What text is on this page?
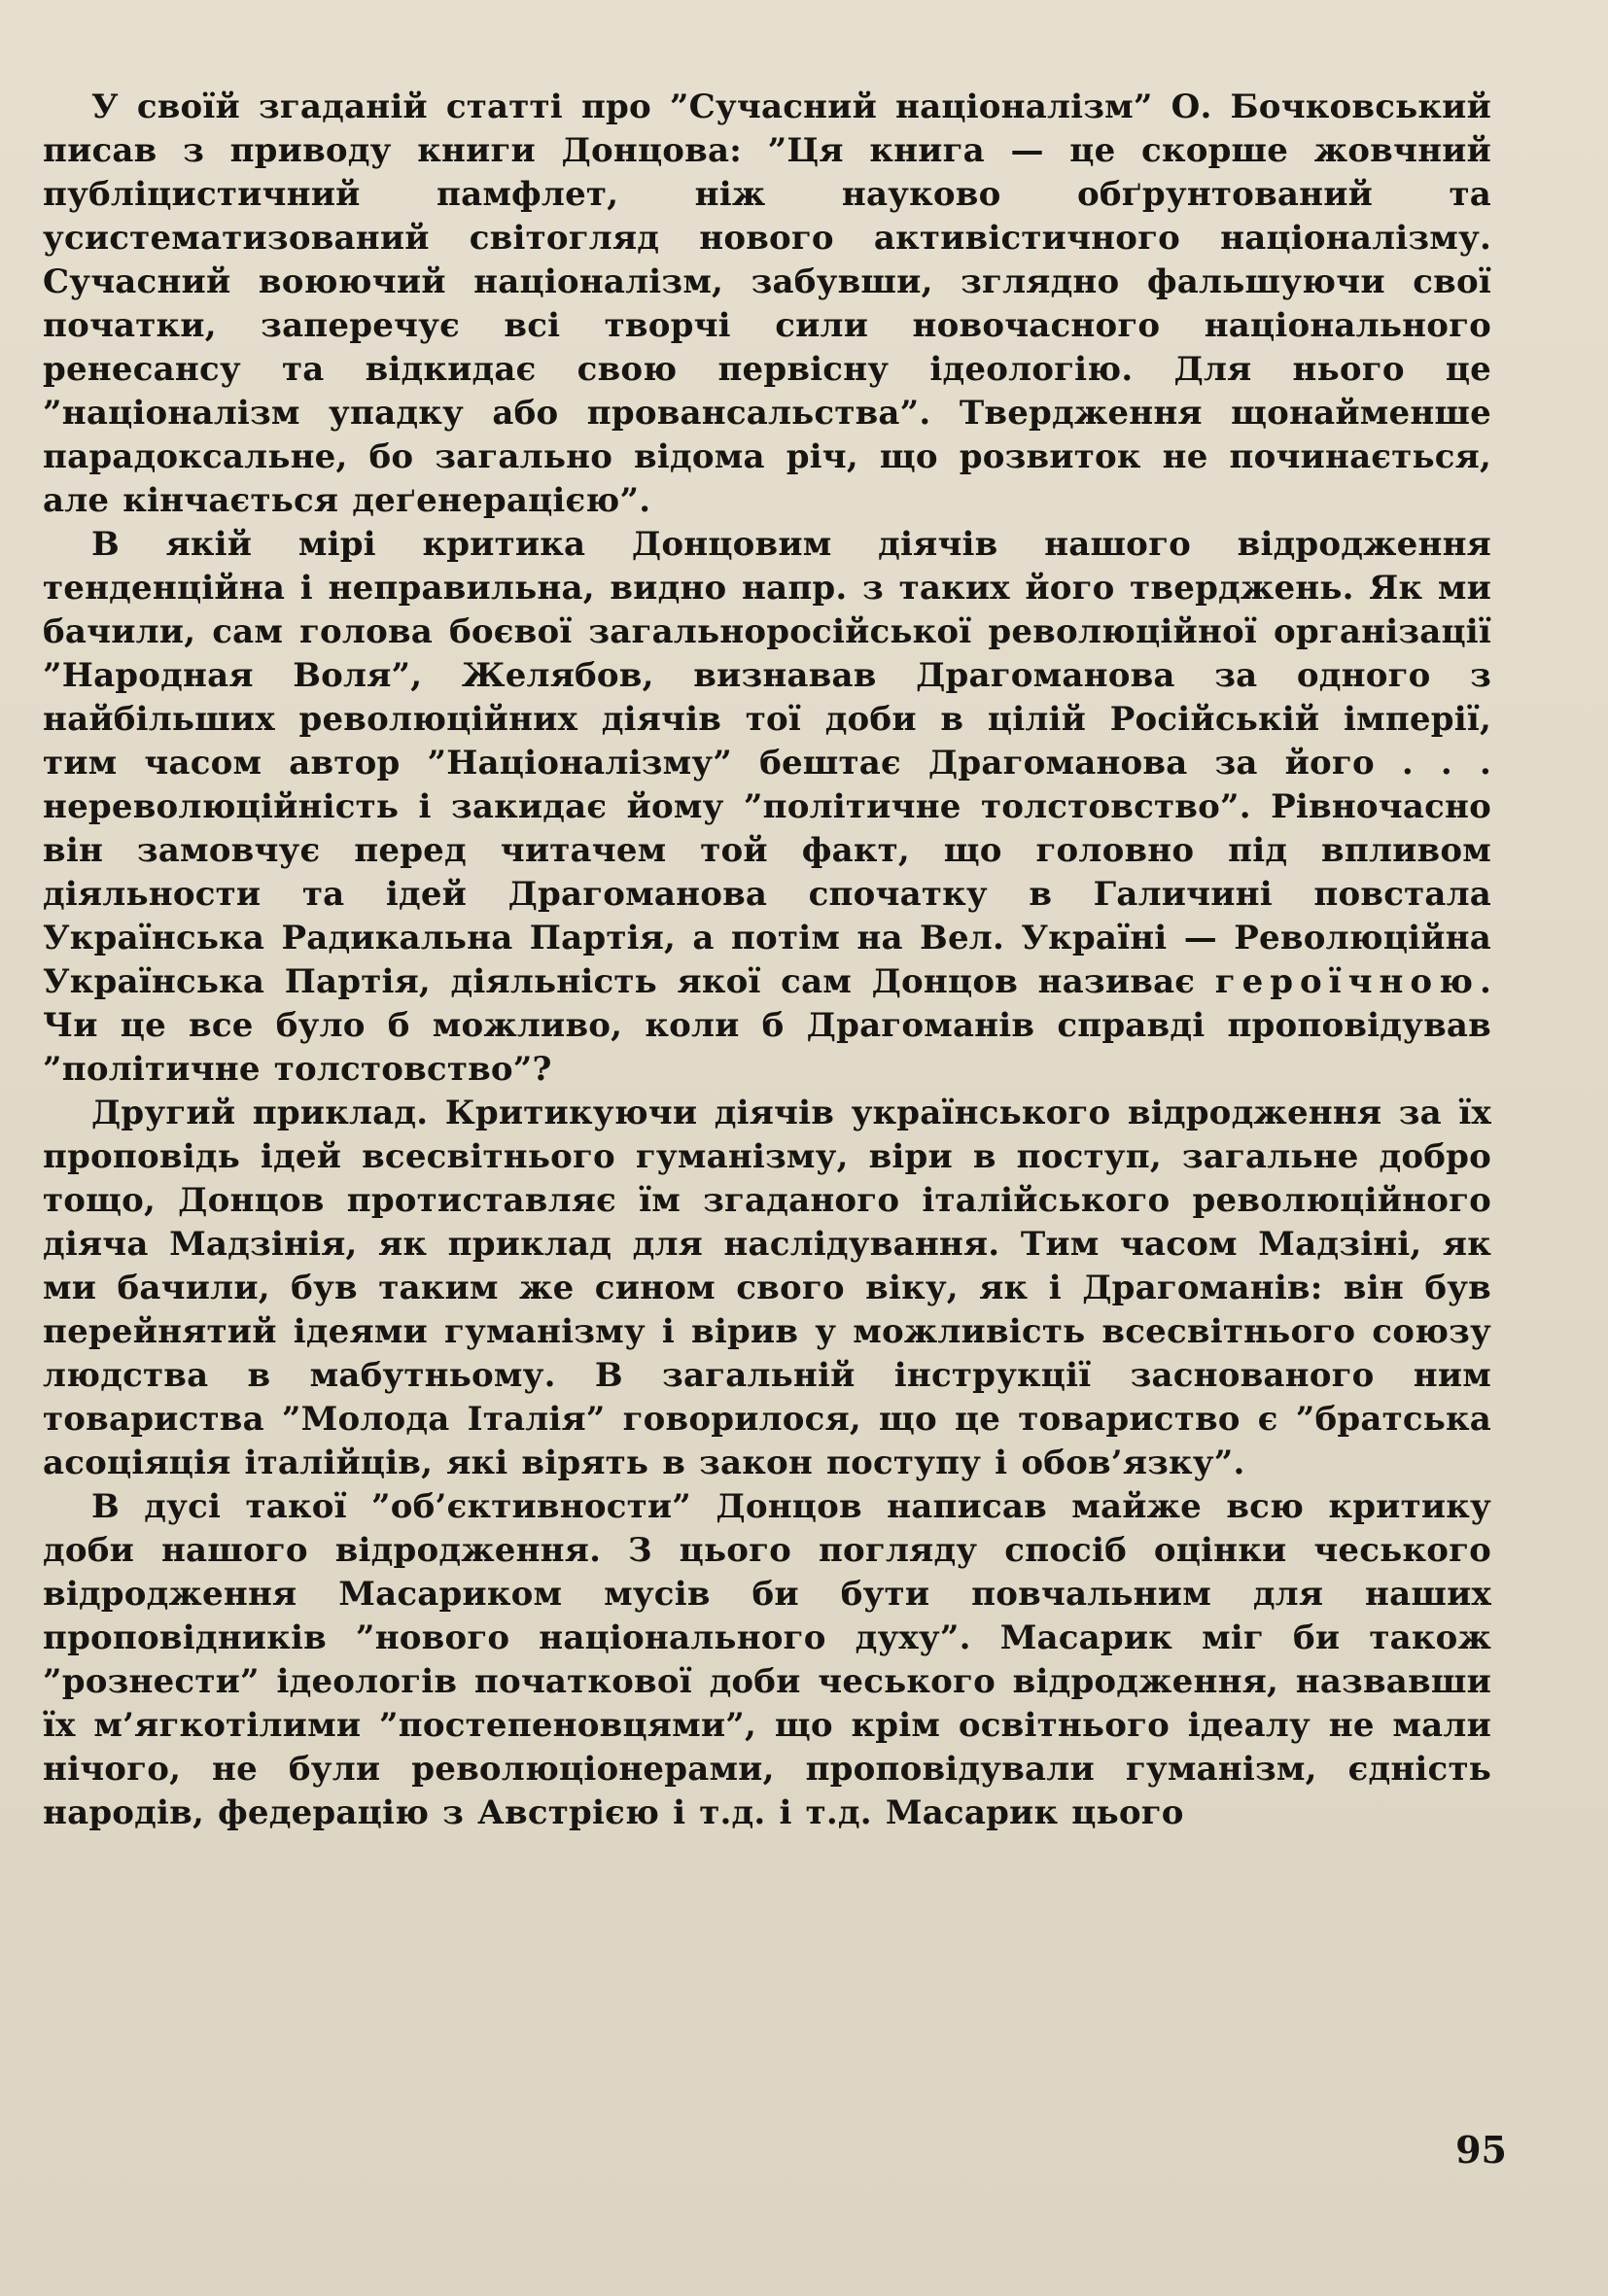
У своїй згаданій статті про ”Сучасний націоналізм” О. Бочковський писав з приводу книги Донцова: ”Ця книга — це скорше жовчний публіцистичний памфлет, ніж науково обґрунтований та усистематизований світогляд нового активістичного націоналізму. Сучасний воюючий націоналізм, забувши, зглядно фальшуючи свої початки, заперечує всі творчі сили новочасного національного ренесансу та відкидає свою первісну ідеологію. Для нього це ”націоналізм упадку або провансальства”. Твердження щонайменше парадоксальне, бо загально відома річ, що розвиток не починається, але кінчається деґенерацією”.

В якій мірі критика Донцовим діячів нашого відродження тенденційна і неправильна, видно напр. з таких його тверджень. Як ми бачили, сам голова боєвої загальноросійської революційної організації ”Народная Воля”, Желябов, визнавав Драгоманова за одного з найбільших революційних діячів тої доби в цілій Російській імперії, тим часом автор ”Націоналізму” бештає Драгоманова за його . . . нереволюційність і закидає йому ”політичне толстовство”. Рівночасно він замовчує перед читачем той факт, що головно під впливом діяльности та ідей Драгоманова спочатку в Галичині повстала Українська Радикальна Партія, а потім на Вел. Україні — Революційна Українська Партія, діяльність якої сам Донцов називає героїчною. Чи це все було б можливо, коли б Драгоманів справді проповідував ”політичне толстовство”?

Другий приклад. Критикуючи діячів українського відродження за їх проповідь ідей всесвітнього гуманізму, віри в поступ, загальне добро тощо, Донцов протиставляє їм згаданого італійського революційного діяча Мадзінія, як приклад для наслідування. Тим часом Мадзіні, як ми бачили, був таким же сином свого віку, як і Драгоманів: він був перейнятий ідеями гуманізму і вірив у можливість всесвітнього союзу людства в мабутньому. В загальній інструкції заснованого ним товариства ”Молода Італія” говорилося, що це товариство є ”братська асоціяція італійців, які вірять в закон поступу і обов’язку”.

В дусі такої ”об’єктивности” Донцов написав майже всю критику доби нашого відродження. З цього погляду спосіб оцінки чеського відродження Масариком мусів би бути повчальним для наших проповідників ”нового національного духу”. Масарик міг би також ”рознести” ідеологів початкової доби чеського відродження, назвавши їх м’ягкотілими ”постепеновцями”, що крім освітнього ідеалу не мали нічого, не були революціонерами, проповідували гуманізм, єдність народів, федерацію з Австрією і т.д. і т.д. Масарик цього

95
